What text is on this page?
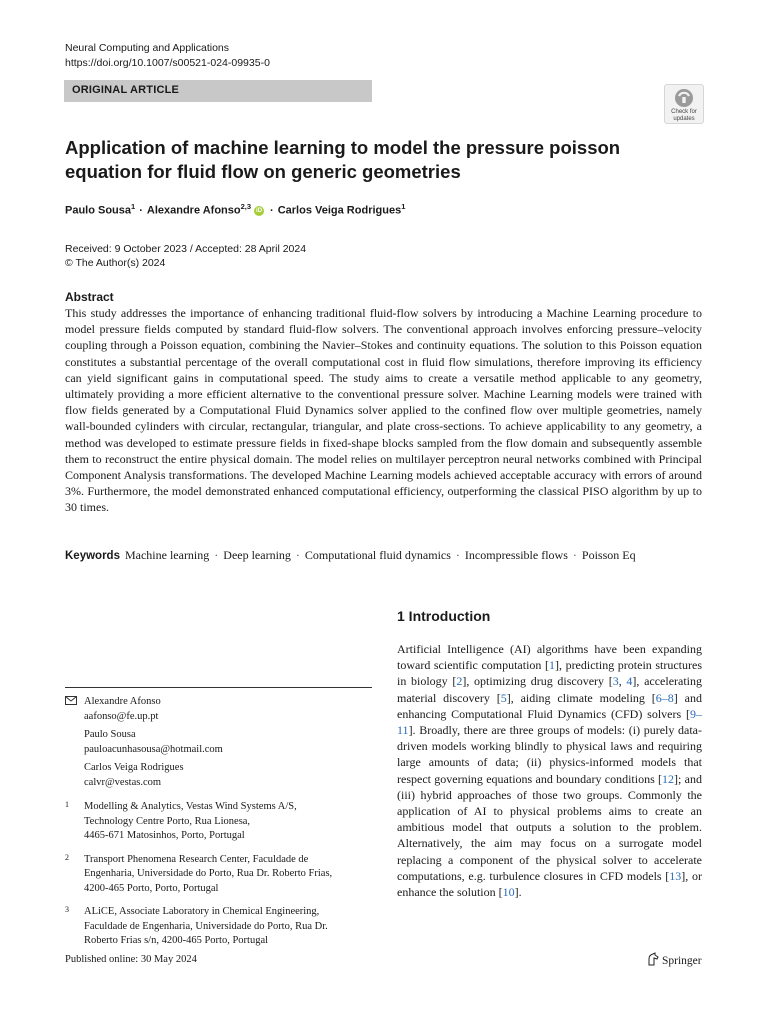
Neural Computing and Applications
https://doi.org/10.1007/s00521-024-09935-0
ORIGINAL ARTICLE
Check for
updates
Application of machine learning to model the pressure poisson equation for fluid flow on generic geometries
Paulo Sousa$^1$ · Alexandre Afonso$^{2,3}$ iD · Carlos Veiga Rodrigues$^1$
Received: 9 October 2023 / Accepted: 28 April 2024
© The Author(s) 2024
Abstract
This study addresses the importance of enhancing traditional fluid-flow solvers by introducing a Machine Learning procedure to model pressure fields computed by standard fluid-flow solvers. The conventional approach involves enforcing pressure–velocity coupling through a Poisson equation, combining the Navier–Stokes and continuity equations. The solution to this Poisson equation constitutes a substantial percentage of the overall computational cost in fluid flow simulations, therefore improving its efficiency can yield significant gains in computational speed. The study aims to create a versatile method applicable to any geometry, ultimately providing a more efficient alternative to the conventional pressure solver. Machine Learning models were trained with flow fields generated by a Computational Fluid Dynamics solver applied to the confined flow over multiple geometries, namely wall-bounded cylinders with circular, rectangular, triangular, and plate cross-sections. To achieve applicability to any geometry, a method was developed to estimate pressure fields in fixed-shape blocks sampled from the flow domain and subsequently assemble them to reconstruct the entire physical domain. The model relies on multilayer perceptron neural networks combined with Principal Component Analysis transformations. The developed Machine Learning models achieved acceptable accuracy with errors of around 3%. Furthermore, the model demonstrated enhanced computational efficiency, outperforming the classical PISO algorithm by up to 30 times.
Keywords Machine learning · Deep learning · Computational fluid dynamics · Incompressible flows · Poisson Eq
1 Introduction
Artificial Intelligence (AI) algorithms have been expanding toward scientific computation [1], predicting protein structures in biology [2], optimizing drug discovery [3, 4], accelerating material discovery [5], aiding climate modeling [6–8] and enhancing Computational Fluid Dynamics (CFD) solvers [9–11]. Broadly, there are three groups of models: (i) purely data-driven models working blindly to physical laws and requiring large amounts of data; (ii) physics-informed models that respect governing equations and boundary conditions [12]; and (iii) hybrid approaches of those two groups. Commonly the application of AI to physical problems aims to create an ambitious model that outputs a solution to the problem. Alternatively, the aim may focus on a surrogate model replacing a component of the physical solver to accelerate computations, e.g. turbulence closures in CFD models [13], or enhance the solution [10].
Alexandre Afonso
aafonso@fe.up.pt
Paulo Sousa
pauloacunhasousa@hotmail.com
Carlos Veiga Rodrigues
calvr@vestas.com
1 Modelling & Analytics, Vestas Wind Systems A/S,
Technology Centre Porto, Rua Lionesa,
4465-671 Matosinhos, Porto, Portugal
2 Transport Phenomena Research Center, Faculdade de
Engenharia, Universidade do Porto, Rua Dr. Roberto Frias,
4200-465 Porto, Porto, Portugal
3 ALiCE, Associate Laboratory in Chemical Engineering,
Faculdade de Engenharia, Universidade do Porto, Rua Dr.
Roberto Frias s/n, 4200-465 Porto, Portugal
Published online: 30 May 2024	Springer
